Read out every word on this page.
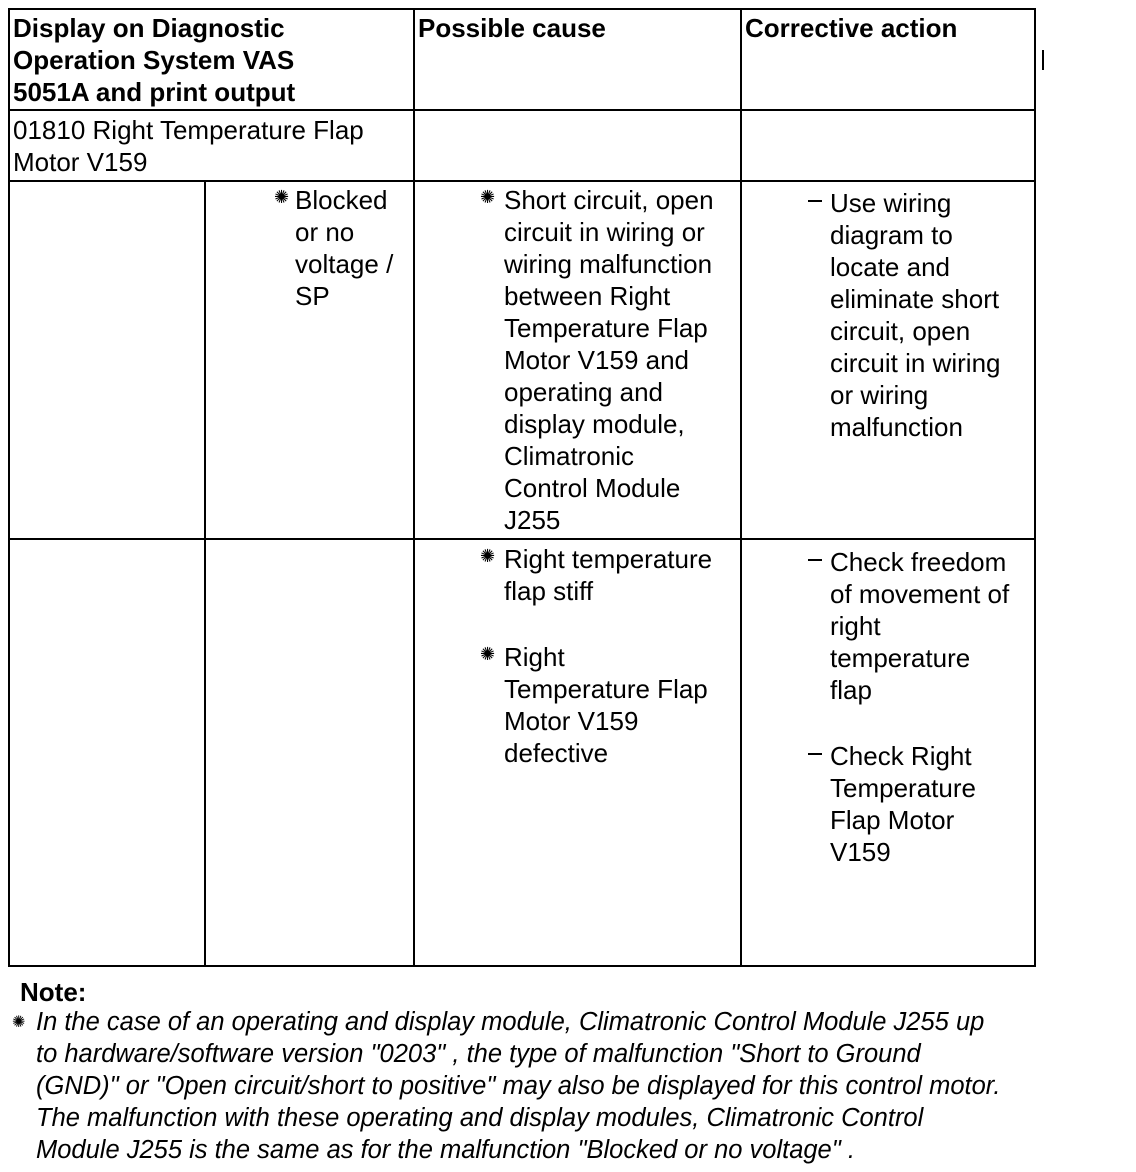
Display on Diagnostic
Operation System VAS
5051A and print output
Possible cause	Corrective action
01810 Right Temperature Flap
Motor V159
✺ Blocked
or no
voltage /
SP
✺ Short circuit, open
circuit in wiring or
wiring malfunction
between Right
Temperature Flap
Motor V159 and
operating and
display module,
Climatronic
Control Module
J255
Use wiring
diagram to
locate and
eliminate short
circuit, open
circuit in wiring
or wiring
malfunction
✺ Right temperature
flap stiff
✺ Right
Temperature Flap
Motor V159
defective
Check freedom
of movement of
right
temperature
flap
Check Right
Temperature
Flap Motor
V159
Note:
✺ In the case of an operating and display module, Climatronic Control Module J255 up
to hardware/software version "0203" , the type of malfunction "Short to Ground
(GND)" or "Open circuit/short to positive" may also be displayed for this control motor.
The malfunction with these operating and display modules, Climatronic Control
Module J255 is the same as for the malfunction "Blocked or no voltage" .
